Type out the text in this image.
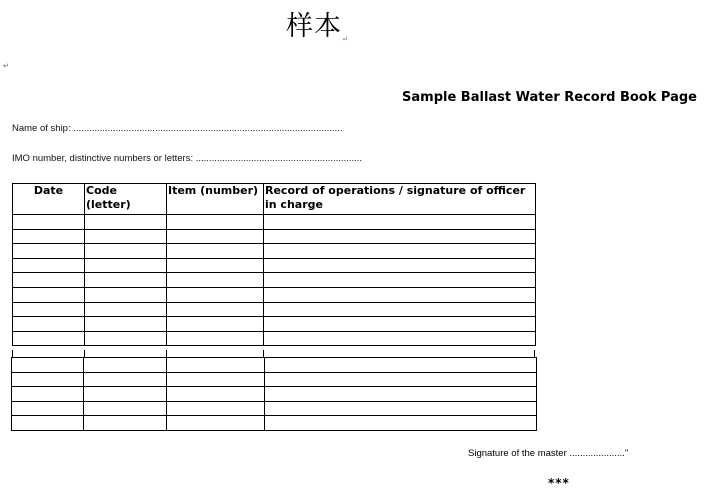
样本$_↵$
↵
Sample Ballast Water Record Book Page
Name of ship: ......................................................................................................
IMO number, distinctive numbers or letters: ...............................................................
Date	Code (letter)	Item (number)	Record of operations / signature of officer in charge

Signature of the master ....................."
***
